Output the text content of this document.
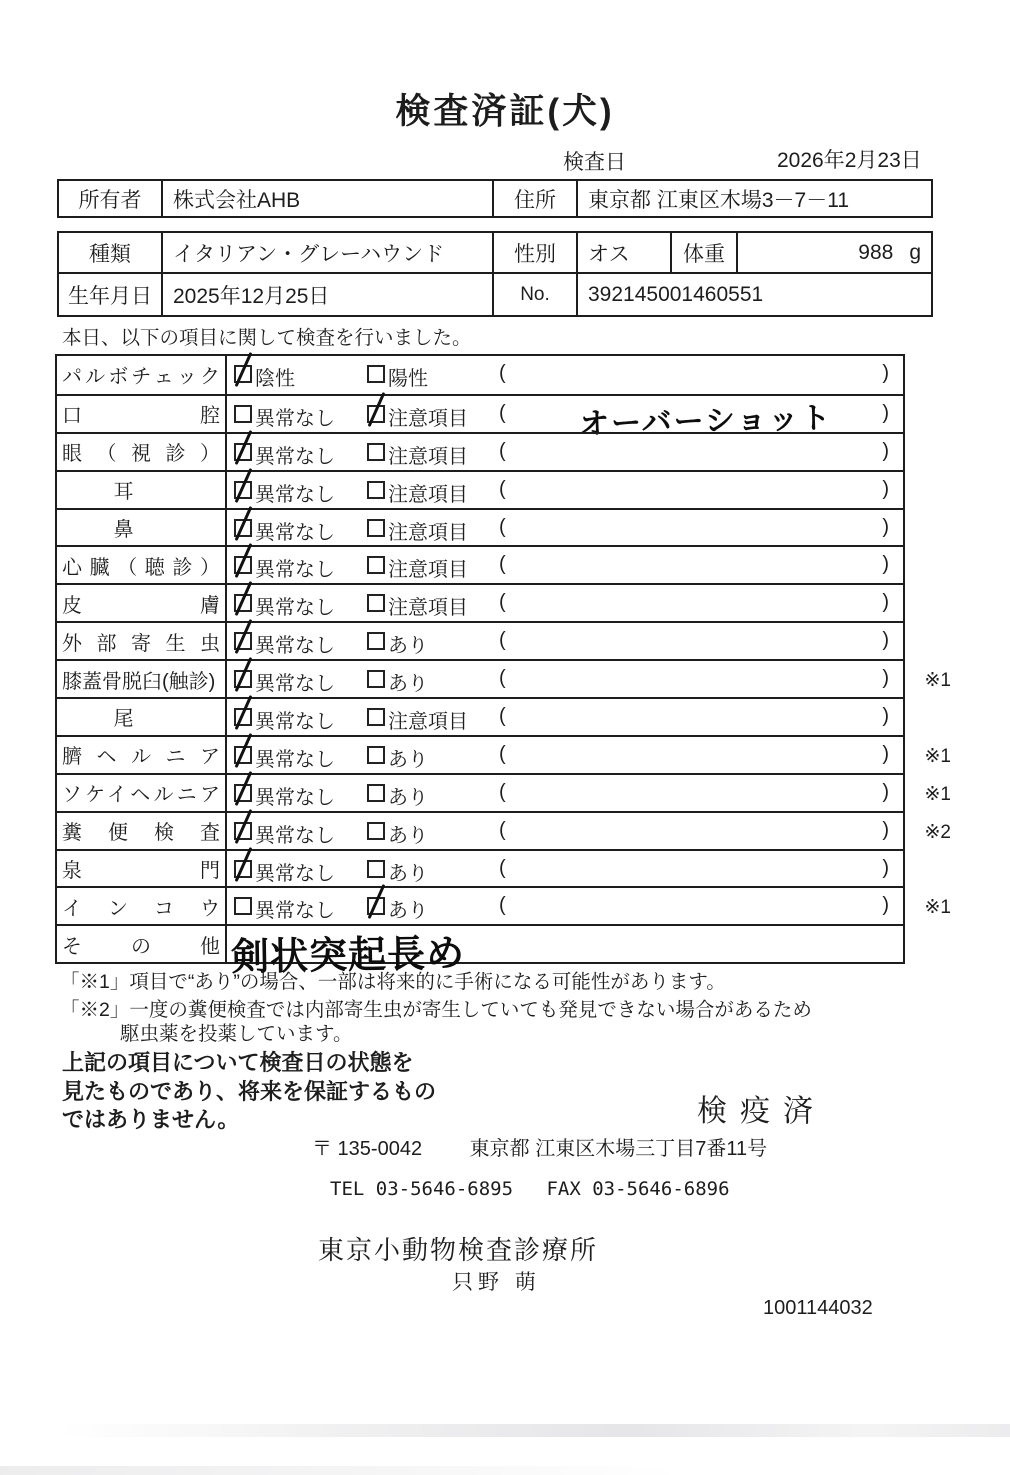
検査済証(犬)
検査日	2026年2月23日
所有者	株式会社AHB	住所	東京都 江東区木場3－7－11
種類	イタリアン・グレーハウンド	性別	オス	体重	988 g
生年月日	2025年12月25日	No.	392145001460551
本日、以下の項目に関して検査を行いました。
パルボチェック 陰性	陽性	(	)
口腔 異常なし	注意項目 (	)
オーバーショット
眼（視診） 異常なし	注意項目 (	)
耳	異常なし	注意項目 (	)
鼻	異常なし	注意項目 (	)
心臓（聴診） 異常なし	注意項目 (	)
皮膚 異常なし	注意項目 (	)
外部寄生虫 異常なし	あり	(	)
膝蓋骨脱臼(触診) 異常なし	あり	(	) ※1
尾	異常なし	注意項目 (	)
臍ヘルニア 異常なし	あり	(	) ※1
ソケイヘルニア 異常なし	あり	(	) ※1
糞便検査 異常なし	あり	(	) ※2
泉門 異常なし	あり	(	)
インコウ 異常なし	あり	(	) ※1
その他 剣状突起長め
「※1」項目で“あり”の場合、一部は将来的に手術になる可能性があります。
「※2」一度の糞便検査では内部寄生虫が寄生していても発見できない場合があるため
駆虫薬を投薬しています。
上記の項目について検査日の状態を
見たものであり、将来を保証するもの
ではありません。	検疫済
〒 135-0042 東京都 江東区木場三丁目7番11号
TEL 03-5646-6895 FAX 03-5646-6896
東京小動物検査診療所
只野 萌
1001144032
